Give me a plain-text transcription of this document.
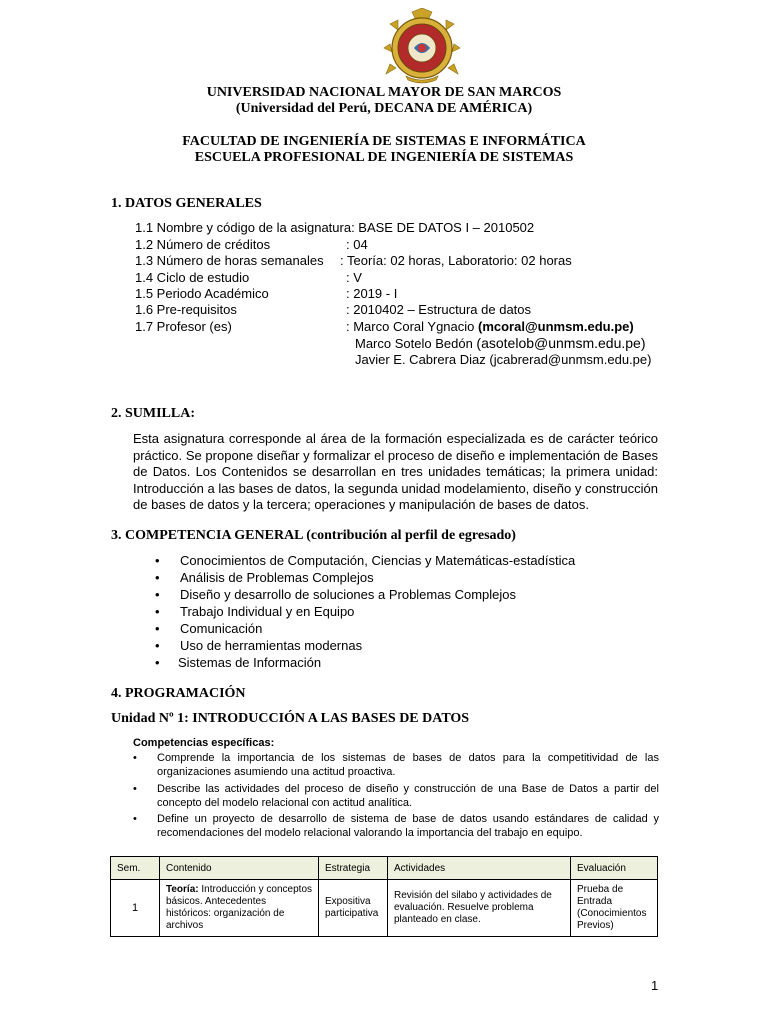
UNIVERSIDAD NACIONAL MAYOR DE SAN MARCOS
(Universidad del Perú, DECANA DE AMÉRICA)
FACULTAD DE INGENIERÍA DE SISTEMAS E INFORMÁTICA
ESCUELA PROFESIONAL DE INGENIERÍA DE SISTEMAS
1. DATOS GENERALES
1.1 Nombre y código de la asignatura: BASE DE DATOS I – 2010502
1.2 Número de créditos	: 04
1.3 Número de horas semanales : Teoría: 02 horas, Laboratorio: 02 horas
1.4 Ciclo de estudio	: V
1.5 Periodo Académico	: 2019 - I
1.6 Pre-requisitos	: 2010402 – Estructura de datos
1.7 Profesor (es)	: Marco Coral Ygnacio (mcoral@unmsm.edu.pe)
Marco Sotelo Bedón (asotelob@unmsm.edu.pe)
Javier E. Cabrera Diaz (jcabrerad@unmsm.edu.pe)
2. SUMILLA:
Esta asignatura corresponde al área de la formación especializada es de carácter teórico práctico. Se propone diseñar y formalizar el proceso de diseño e implementación de Bases de Datos. Los Contenidos se desarrollan en tres unidades temáticas; la primera unidad: Introducción a las bases de datos, la segunda unidad modelamiento, diseño y construcción de bases de datos y la tercera; operaciones y manipulación de bases de datos.
3. COMPETENCIA GENERAL (contribución al perfil de egresado)
• Conocimientos de Computación, Ciencias y Matemáticas-estadística
• Análisis de Problemas Complejos
• Diseño y desarrollo de soluciones a Problemas Complejos
• Trabajo Individual y en Equipo
• Comunicación
• Uso de herramientas modernas
• Sistemas de Información
4. PROGRAMACIÓN
Unidad Nº 1: INTRODUCCIÓN A LAS BASES DE DATOS
Competencias específicas:
• Comprende la importancia de los sistemas de bases de datos para la competitividad de las organizaciones asumiendo una actitud proactiva.
• Describe las actividades del proceso de diseño y construcción de una Base de Datos a partir del concepto del modelo relacional con actitud analítica.
• Define un proyecto de desarrollo de sistema de base de datos usando estándares de calidad y recomendaciones del modelo relacional valorando la importancia del trabajo en equipo.
Sem.	Contenido	Estrategia	Actividades	Evaluación
1	Teoría: Introducción y conceptos básicos. Antecedentes históricos: organización de archivos	Expositiva participativa	Revisión del silabo y actividades de evaluación. Resuelve problema planteado en clase.	Prueba de Entrada (Conocimientos Previos)
1
